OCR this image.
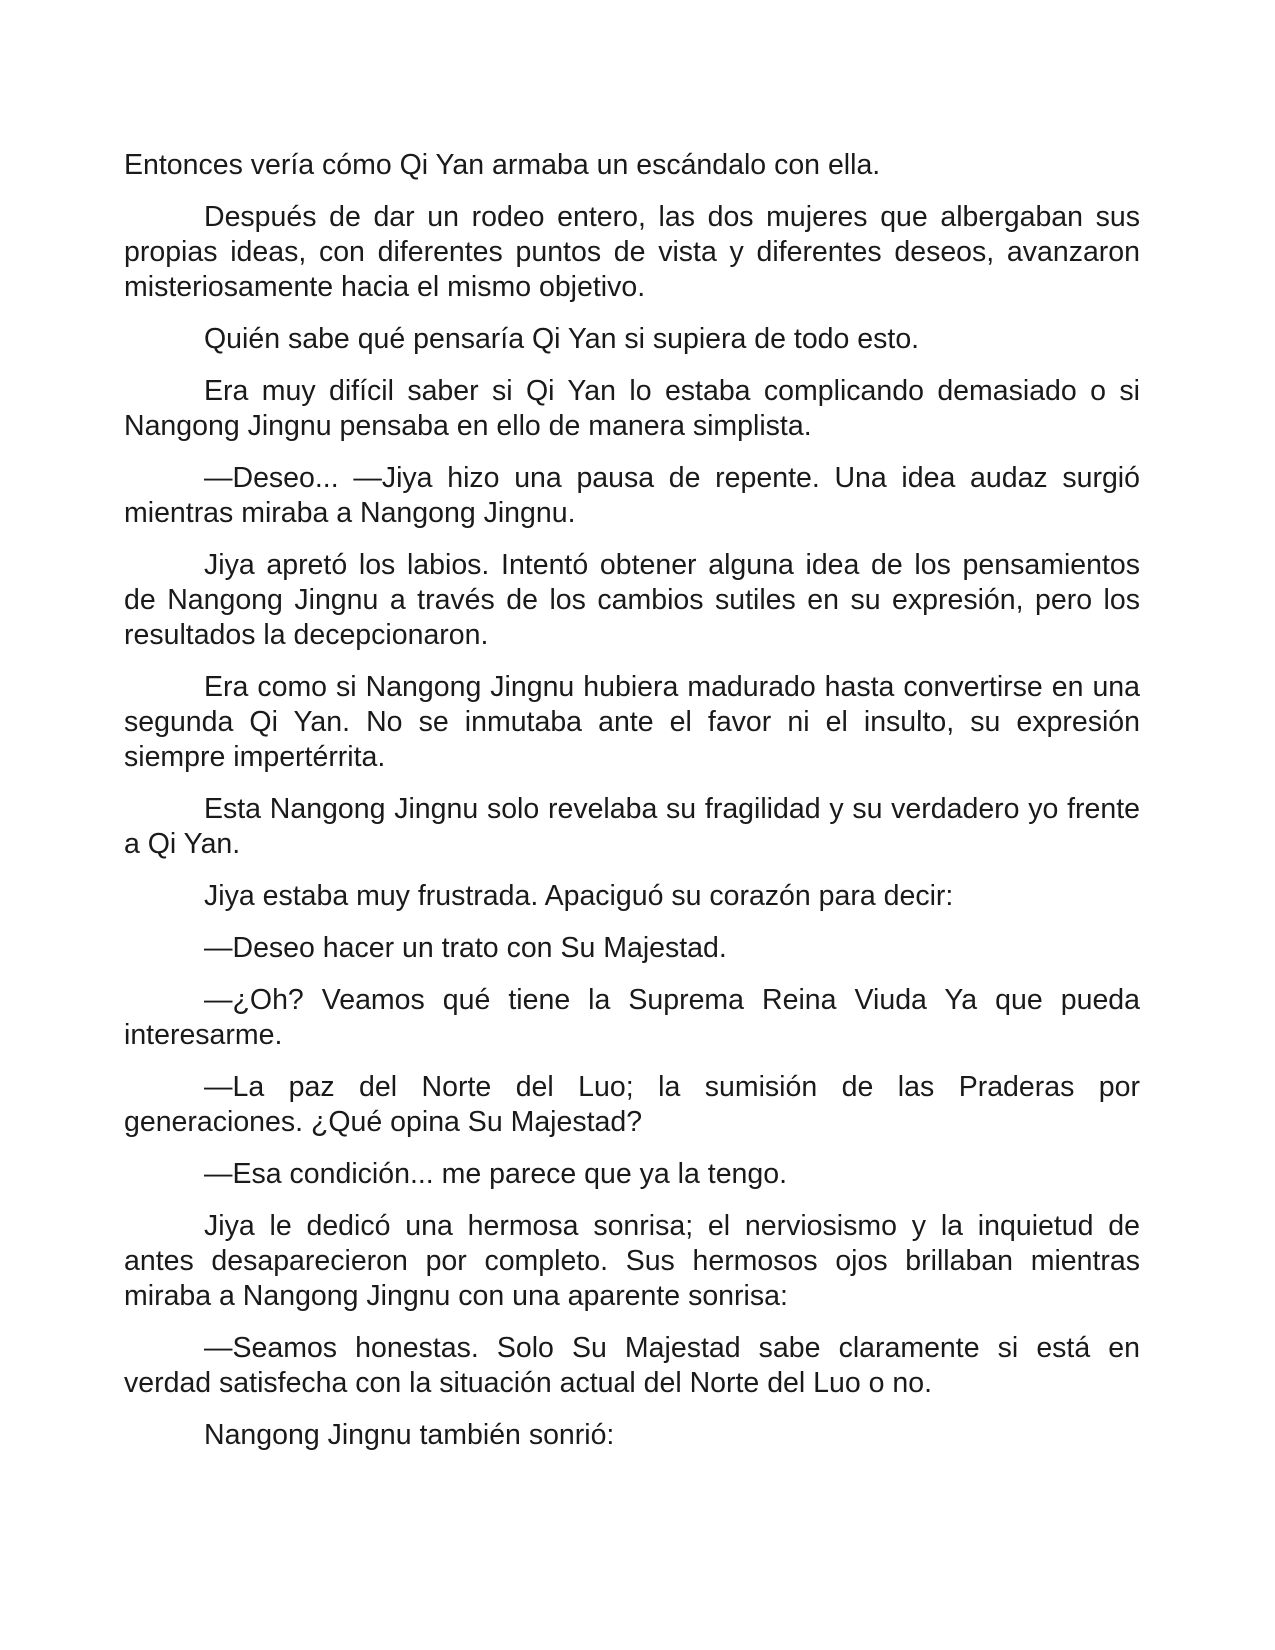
Entonces vería cómo Qi Yan armaba un escándalo con ella.

Después de dar un rodeo entero, las dos mujeres que albergaban sus propias ideas, con diferentes puntos de vista y diferentes deseos, avanzaron misteriosamente hacia el mismo objetivo.

Quién sabe qué pensaría Qi Yan si supiera de todo esto.

Era muy difícil saber si Qi Yan lo estaba complicando demasiado o si Nangong Jingnu pensaba en ello de manera simplista.

—Deseo... —Jiya hizo una pausa de repente. Una idea audaz surgió mientras miraba a Nangong Jingnu.

Jiya apretó los labios. Intentó obtener alguna idea de los pensamientos de Nangong Jingnu a través de los cambios sutiles en su expresión, pero los resultados la decepcionaron.

Era como si Nangong Jingnu hubiera madurado hasta convertirse en una segunda Qi Yan. No se inmutaba ante el favor ni el insulto, su expresión siempre impertérrita.

Esta Nangong Jingnu solo revelaba su fragilidad y su verdadero yo frente a Qi Yan.

Jiya estaba muy frustrada. Apaciguó su corazón para decir:

—Deseo hacer un trato con Su Majestad.

—¿Oh? Veamos qué tiene la Suprema Reina Viuda Ya que pueda interesarme.

—La paz del Norte del Luo; la sumisión de las Praderas por generaciones. ¿Qué opina Su Majestad?

—Esa condición... me parece que ya la tengo.

Jiya le dedicó una hermosa sonrisa; el nerviosismo y la inquietud de antes desaparecieron por completo. Sus hermosos ojos brillaban mientras miraba a Nangong Jingnu con una aparente sonrisa:

—Seamos honestas. Solo Su Majestad sabe claramente si está en verdad satisfecha con la situación actual del Norte del Luo o no.

Nangong Jingnu también sonrió:
